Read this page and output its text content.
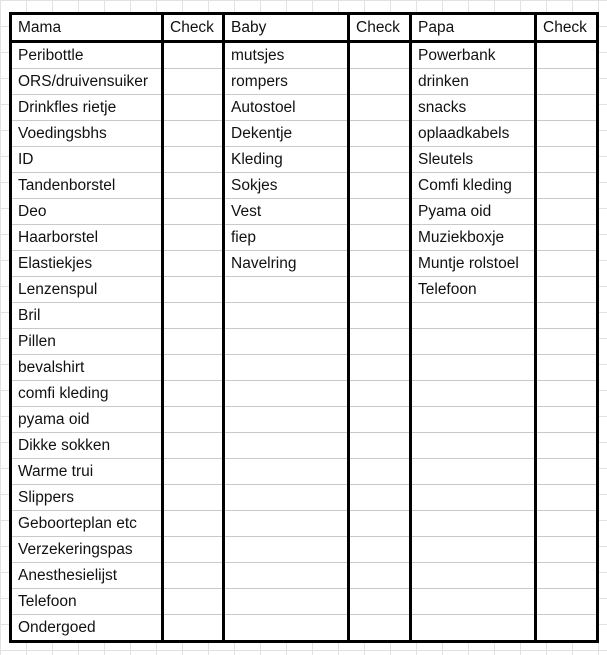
Mama	Check	Baby	Check	Papa	Check
Peribottle		mutsjes		Powerbank	
ORS/druivensuiker		rompers		drinken	
Drinkfles rietje		Autostoel		snacks	
Voedingsbhs		Dekentje		oplaadkabels	
ID		Kleding		Sleutels	
Tandenborstel		Sokjes		Comfi kleding	
Deo		Vest		Pyama oid	
Haarborstel		fiep		Muziekboxje	
Elastiekjes		Navelring		Muntje rolstoel	
Lenzenspul				Telefoon	
Bril					
Pillen					
bevalshirt					
comfi kleding					
pyama oid					
Dikke sokken					
Warme trui					
Slippers					
Geboorteplan etc					
Verzekeringspas					
Anesthesielijst					
Telefoon					
Ondergoed					
